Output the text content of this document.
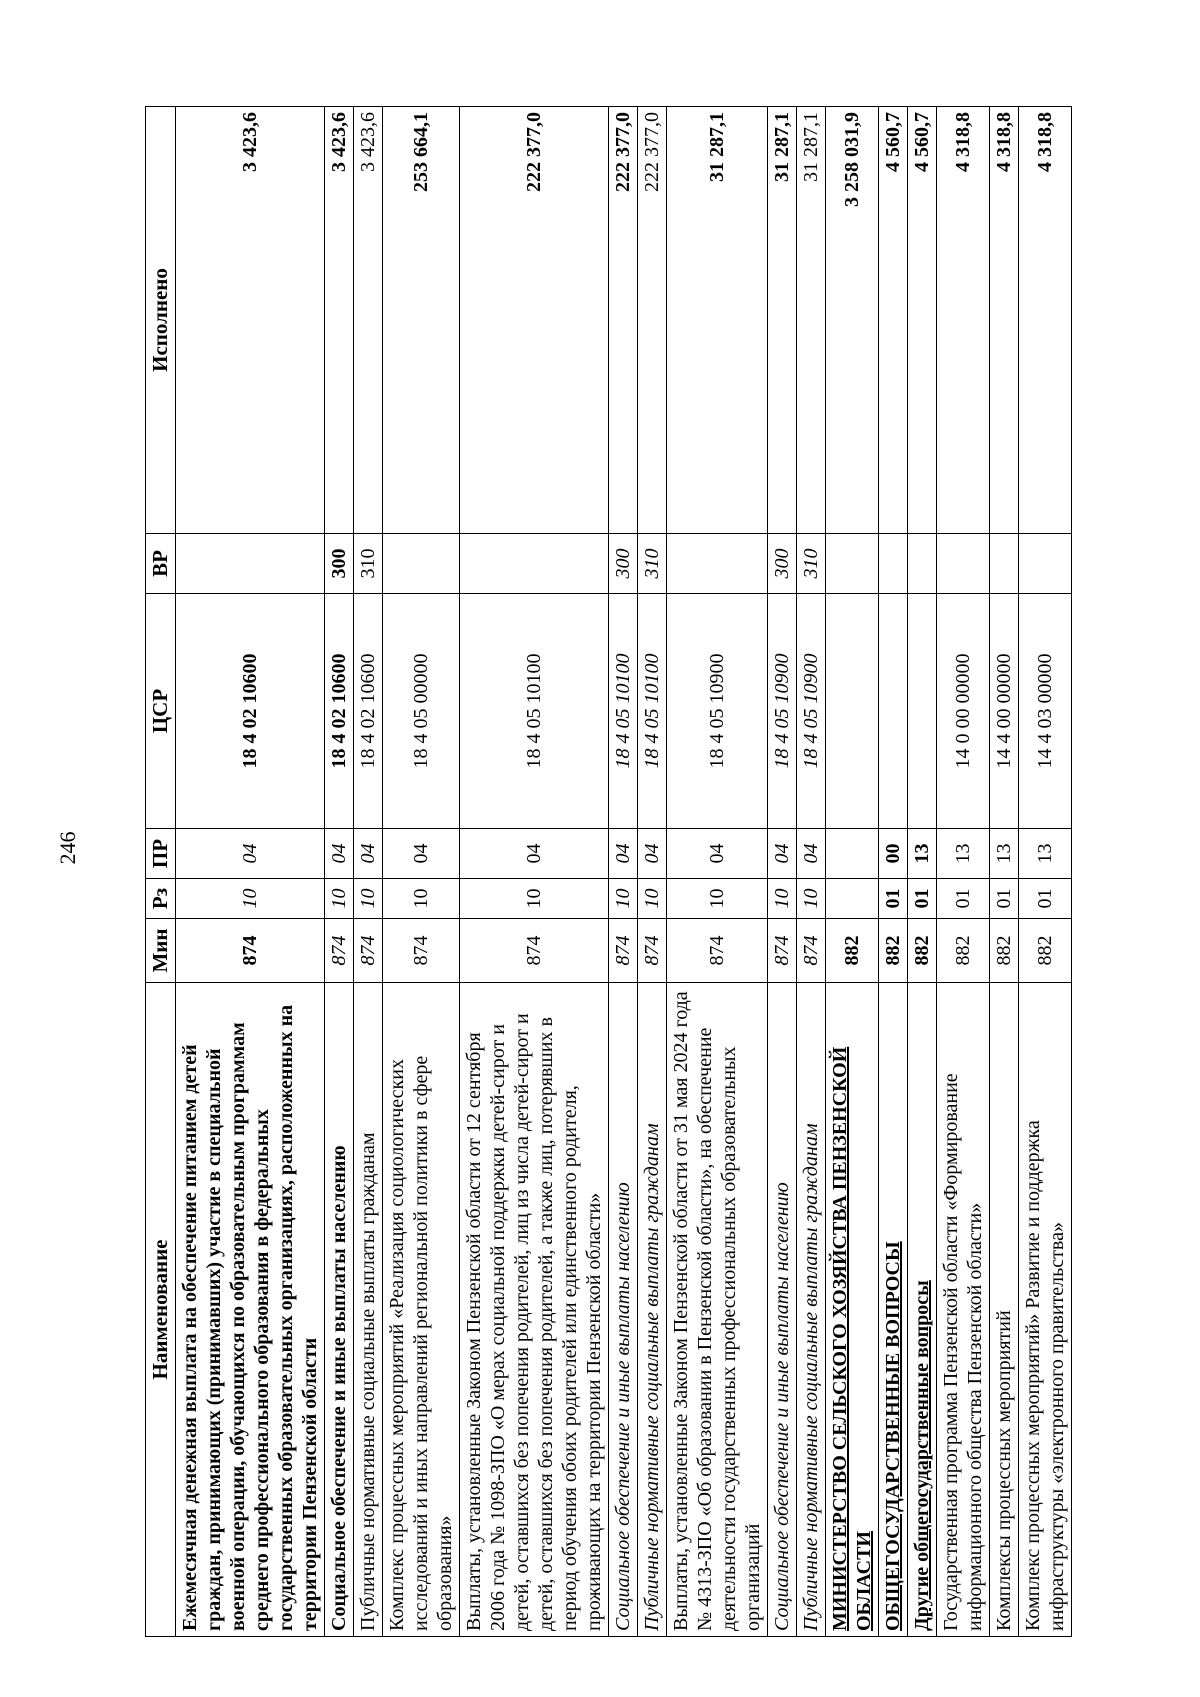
246
Наименование	Мин	Рз	ПР	ЦСР	ВР	Исполнено
Ежемесячная денежная выплата на обеспечение питанием детей граждан, принимающих (принимавших) участие в специальной военной операции, обучающихся по образовательным программам среднего профессионального образования в федеральных государственных образовательных организациях, расположенных на территории Пензенской области	874	10	04	18 4 02 10600		3 423,6
Социальное обеспечение и иные выплаты населению	874	10	04	18 4 02 10600	300	3 423,6
Публичные нормативные социальные выплаты гражданам	874	10	04	18 4 02 10600	310	3 423,6
Комплекс процессных мероприятий «Реализация социологических исследований и иных направлений региональной политики в сфере образования»	874	10	04	18 4 05 00000		253 664,1
Выплаты, установленные Законом Пензенской области от 12 сентября 2006 года № 1098-ЗПО «О мерах социальной поддержки детей-сирот и детей, оставшихся без попечения родителей, лиц из числа детей-сирот и детей, оставшихся без попечения родителей, а также лиц, потерявших в период обучения обоих родителей или единственного родителя, проживающих на территории Пензенской области»	874	10	04	18 4 05 10100		222 377,0
Социальное обеспечение и иные выплаты населению	874	10	04	18 4 05 10100	300	222 377,0
Публичные нормативные социальные выплаты гражданам	874	10	04	18 4 05 10100	310	222 377,0
Выплаты, установленные Законом Пензенской области от 31 мая 2024 года № 4313-ЗПО «Об образовании в Пензенской области», на обеспечение деятельности государственных профессиональных образовательных организаций	874	10	04	18 4 05 10900		31 287,1
Социальное обеспечение и иные выплаты населению	874	10	04	18 4 05 10900	300	31 287,1
Публичные нормативные социальные выплаты гражданам	874	10	04	18 4 05 10900	310	31 287,1
МИНИСТЕРСТВО СЕЛЬСКОГО ХОЗЯЙСТВА ПЕНЗЕНСКОЙ ОБЛАСТИ	882					3 258 031,9
ОБЩЕГОСУДАРСТВЕННЫЕ ВОПРОСЫ	882	01	00			4 560,7
Другие общегосударственные вопросы	882	01	13			4 560,7
Государственная программа Пензенской области «Формирование информационного общества Пензенской области»	882	01	13	14 0 00 00000		4 318,8
Комплексы процессных мероприятий	882	01	13	14 4 00 00000		4 318,8
Комплекс процессных мероприятий» Развитие и поддержка инфраструктуры «электронного правительства»	882	01	13	14 4 03 00000		4 318,8
